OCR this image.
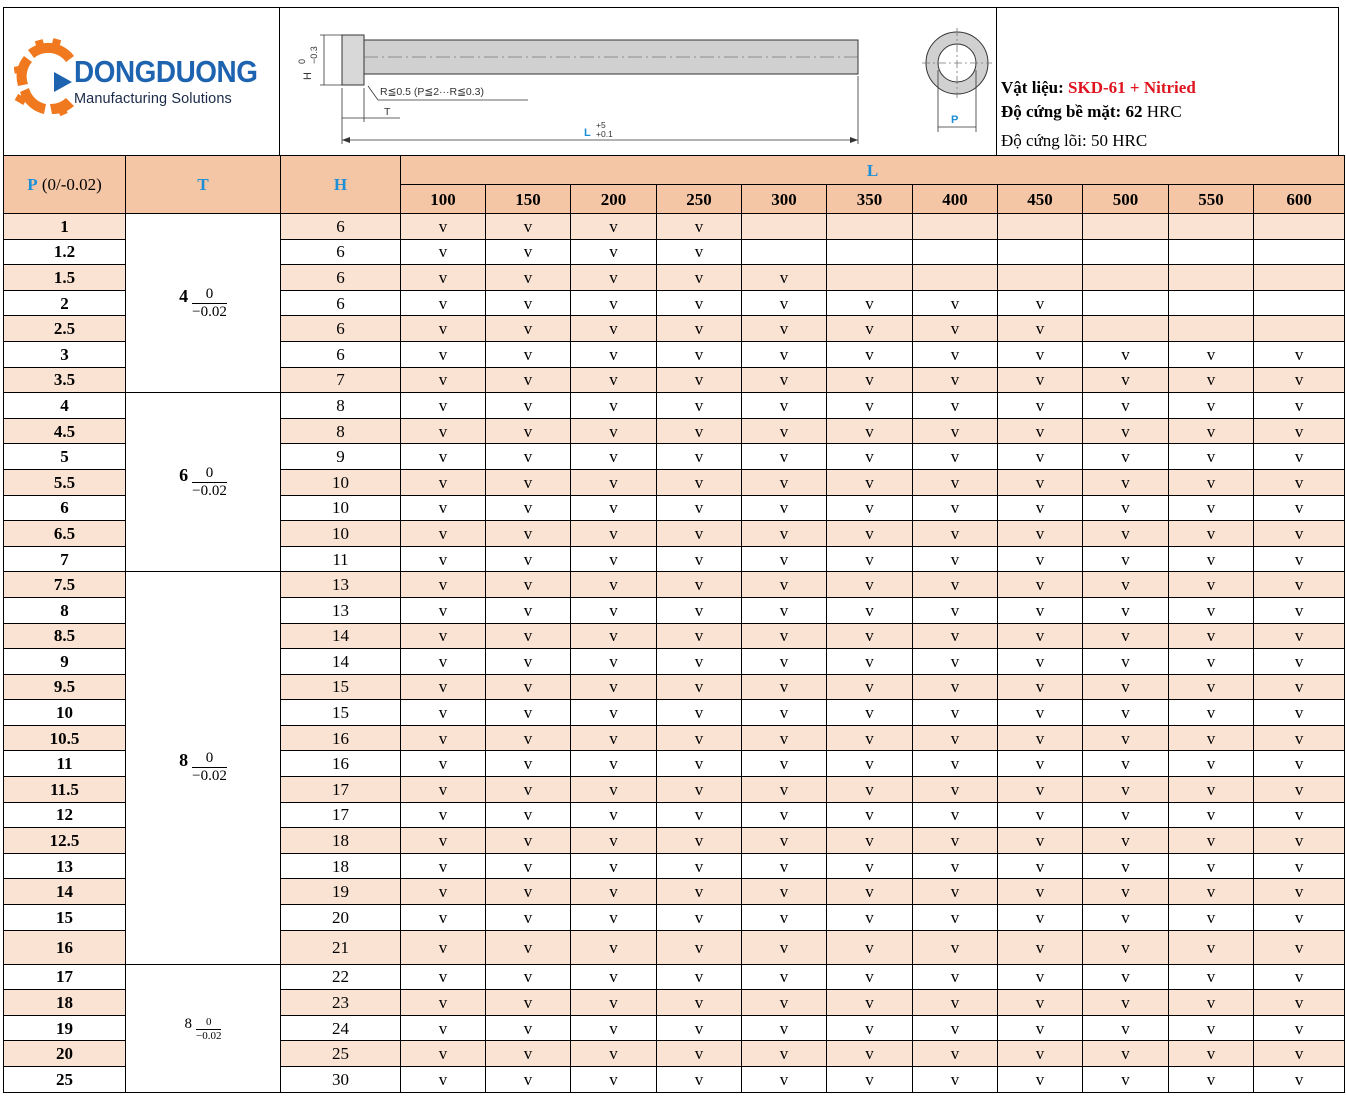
DONGDUONG
Manufacturing Solutions
H
0 −0.3
R≦0.5 (P≦2···R≦0.3)
T
L
+5
+0.1
P
Vật liệu: SKD-61 + Nitried
Độ cứng bề mặt: 62 HRC
Độ cứng lõi: 50 HRC
P (0/-0.02)	T	H	L										
			100	150	200	250	300	350	400	450	500	550	600
1	$4 \frac{0}{-0.02}$	6	v	v	v	v							
1.2		6	v	v	v	v							
1.5		6	v	v	v	v	v						
2		6	v	v	v	v	v	v	v	v			
2.5		6	v	v	v	v	v	v	v	v			
3		6	v	v	v	v	v	v	v	v	v	v	v
3.5		7	v	v	v	v	v	v	v	v	v	v	v
4	$6 \frac{0}{-0.02}$	8	v	v	v	v	v	v	v	v	v	v	v
4.5		8	v	v	v	v	v	v	v	v	v	v	v
5		9	v	v	v	v	v	v	v	v	v	v	v
5.5		10	v	v	v	v	v	v	v	v	v	v	v
6		10	v	v	v	v	v	v	v	v	v	v	v
6.5		10	v	v	v	v	v	v	v	v	v	v	v
7		11	v	v	v	v	v	v	v	v	v	v	v
7.5	$8 \frac{0}{-0.02}$	13	v	v	v	v	v	v	v	v	v	v	v
8		13	v	v	v	v	v	v	v	v	v	v	v
8.5		14	v	v	v	v	v	v	v	v	v	v	v
9		14	v	v	v	v	v	v	v	v	v	v	v
9.5		15	v	v	v	v	v	v	v	v	v	v	v
10		15	v	v	v	v	v	v	v	v	v	v	v
10.5		16	v	v	v	v	v	v	v	v	v	v	v
11		16	v	v	v	v	v	v	v	v	v	v	v
11.5		17	v	v	v	v	v	v	v	v	v	v	v
12		17	v	v	v	v	v	v	v	v	v	v	v
12.5		18	v	v	v	v	v	v	v	v	v	v	v
13		18	v	v	v	v	v	v	v	v	v	v	v
14		19	v	v	v	v	v	v	v	v	v	v	v
15		20	v	v	v	v	v	v	v	v	v	v	v
16		21	v	v	v	v	v	v	v	v	v	v	v
17	$8 \frac{0}{-0.02}$	22	v	v	v	v	v	v	v	v	v	v	v
18		23	v	v	v	v	v	v	v	v	v	v	v
19		24	v	v	v	v	v	v	v	v	v	v	v
20		25	v	v	v	v	v	v	v	v	v	v	v
25		30	v	v	v	v	v	v	v	v	v	v	v
